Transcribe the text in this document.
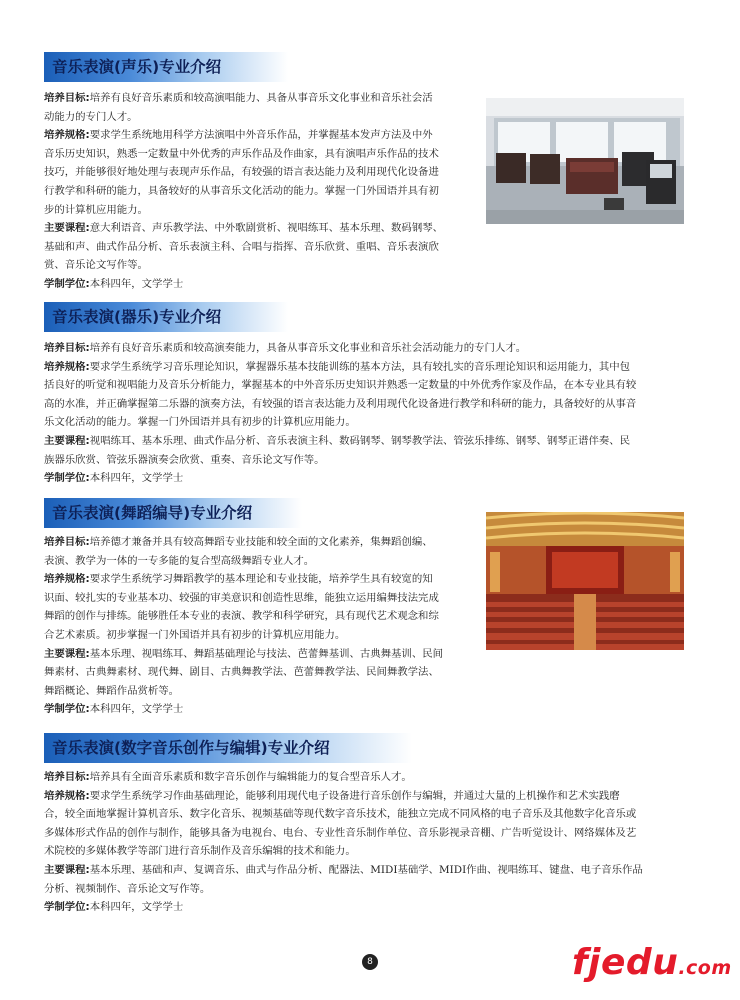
音乐表演(声乐)专业介绍
培养目标:培养有良好音乐素质和较高演唱能力、具备从事音乐文化事业和音乐社会活
动能力的专门人才。
培养规格:要求学生系统地用科学方法演唱中外音乐作品，并掌握基本发声方法及中外
音乐历史知识，熟悉一定数量中外优秀的声乐作品及作曲家，具有演唱声乐作品的技术
技巧，并能够很好地处理与表现声乐作品，有较强的语言表达能力及利用现代化设备进
行教学和科研的能力，具备较好的从事音乐文化活动的能力。掌握一门外国语并具有初
步的计算机应用能力。
主要课程:意大利语音、声乐教学法、中外歌剧赏析、视唱练耳、基本乐理、数码钢琴、
基础和声、曲式作品分析、音乐表演主科、合唱与指挥、音乐欣赏、重唱、音乐表演欣
赏、音乐论文写作等。
学制学位:本科四年，文学学士
音乐表演(器乐)专业介绍
培养目标:培养有良好音乐素质和较高演奏能力，具备从事音乐文化事业和音乐社会活动能力的专门人才。
培养规格:要求学生系统学习音乐理论知识，掌握器乐基本技能训练的基本方法，具有较扎实的音乐理论知识和运用能力，其中包
括良好的听觉和视唱能力及音乐分析能力，掌握基本的中外音乐历史知识并熟悉一定数量的中外优秀作家及作品，在本专业具有较
高的水准，并正确掌握第二乐器的演奏方法，有较强的语言表达能力及利用现代化设备进行教学和科研的能力，具备较好的从事音
乐文化活动的能力。掌握一门外国语并具有初步的计算机应用能力。
主要课程:视唱练耳、基本乐理、曲式作品分析、音乐表演主科、数码钢琴、钢琴教学法、管弦乐排练、钢琴、钢琴正谱伴奏、民
族器乐欣赏、管弦乐器演奏会欣赏、重奏、音乐论文写作等。
学制学位:本科四年，文学学士
音乐表演(舞蹈编导)专业介绍
培养目标:培养德才兼备并具有较高舞蹈专业技能和较全面的文化素养，集舞蹈创编、
表演、教学为一体的一专多能的复合型高级舞蹈专业人才。
培养规格:要求学生系统学习舞蹈教学的基本理论和专业技能，培养学生具有较宽的知
识面、较扎实的专业基本功、较强的审美意识和创造性思维，能独立运用编舞技法完成
舞蹈的创作与排练。能够胜任本专业的表演、教学和科学研究，具有现代艺术观念和综
合艺术素质。初步掌握一门外国语并具有初步的计算机应用能力。
主要课程:基本乐理、视唱练耳、舞蹈基础理论与技法、芭蕾舞基训、古典舞基训、民间
舞素材、古典舞素材、现代舞、剧目、古典舞教学法、芭蕾舞教学法、民间舞教学法、
舞蹈概论、舞蹈作品赏析等。
学制学位:本科四年，文学学士
音乐表演(数字音乐创作与编辑)专业介绍
培养目标:培养具有全面音乐素质和数字音乐创作与编辑能力的复合型音乐人才。
培养规格:要求学生系统学习作曲基础理论，能够利用现代电子设备进行音乐创作与编辑，并通过大量的上机操作和艺术实践磨
合，较全面地掌握计算机音乐、数字化音乐、视频基础等现代数字音乐技术，能独立完成不同风格的电子音乐及其他数字化音乐或
多媒体形式作品的创作与制作，能够具备为电视台、电台、专业性音乐制作单位、音乐影视录音棚、广告听觉设计、网络媒体及艺
术院校的多媒体教学等部门进行音乐制作及音乐编辑的技术和能力。
主要课程:基本乐理、基础和声、复调音乐、曲式与作品分析、配器法、MIDI基础学、MIDI作曲、视唱练耳、键盘、电子音乐作品
分析、视频制作、音乐论文写作等。
学制学位:本科四年，文学学士
8	fjedu.com
